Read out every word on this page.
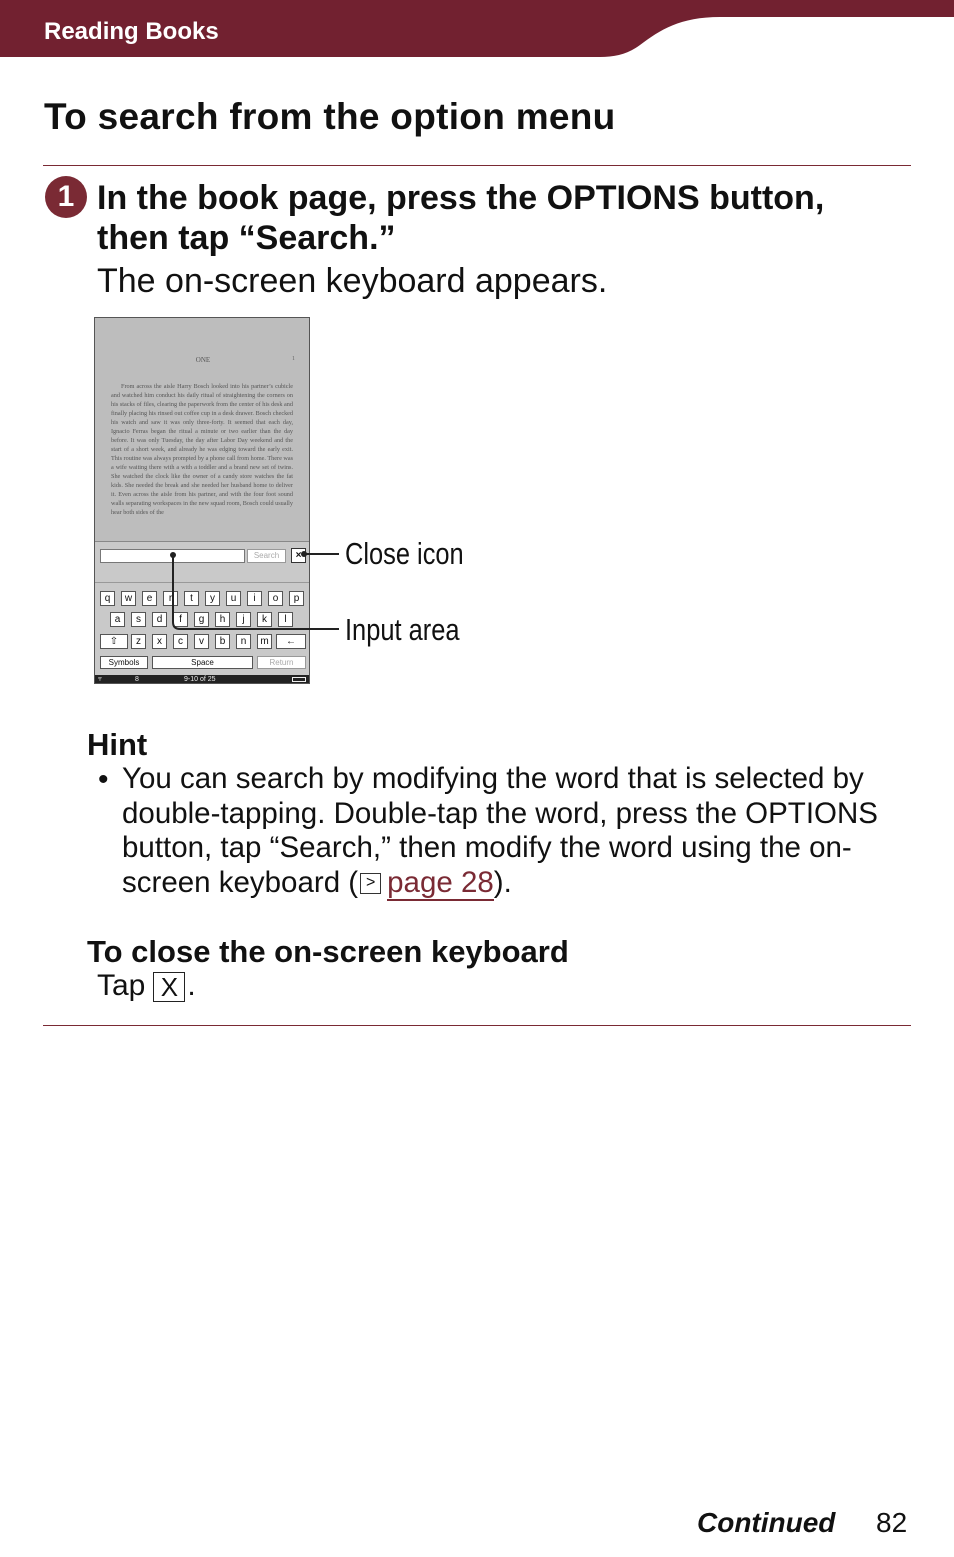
Reading Books
To search from the option menu
1 In the book page, press the OPTIONS button, then tap “Search.”
The on-screen keyboard appears.
ONE	1
From across the aisle Harry Bosch looked into his partner’s cubicle and watched him conduct his daily ritual of straightening the corners on his stacks of files, clearing the paperwork from the center of his desk and finally placing his rinsed out coffee cup in a desk drawer. Bosch checked his watch and saw it was only three-forty. It seemed that each day, Ignacio Ferras began the ritual a minute or two earlier than the day before. It was only Tuesday, the day after Labor Day weekend and the start of a short week, and already he was edging toward the early exit. This routine was always prompted by a phone call from home. There was a wife waiting there with a with a toddler and a brand new set of twins. She watched the clock like the owner of a candy store watches the fat kids. She needed the break and she needed her husband home to deliver it. Even across the aisle from his partner, and with the four foot sound walls separating workspaces in the new squad room, Bosch could usually hear both sides of the
Search	×
q	w	e	r	t	y	u	i	o	p
a	s	d	f	g	h	j	k	l
z	x	c	v	b	n	m
⇧	←
Symbols	Space	Return
⫧	8	9-10 of 25
Close icon
Input area
Hint
• You can search by modifying the word that is selected by double-tapping. Double-tap the word, press the OPTIONS button, tap “Search,” then modify the word using the on-screen keyboard ( > page 28).
To close the on-screen keyboard
Tap X .
Continued 82
